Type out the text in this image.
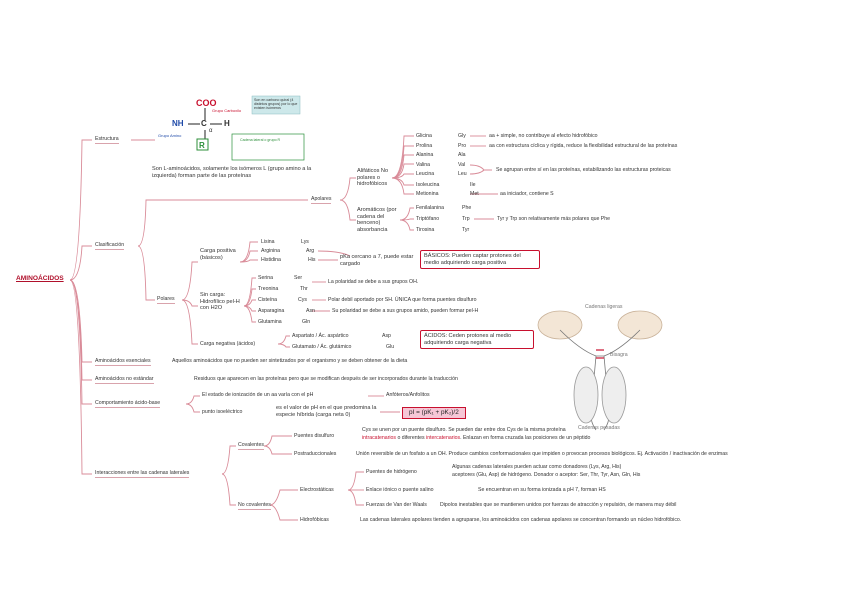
AMINOÁCIDOS
Estructura
COO
Grupo Carboxilo
NH
Grupo Amino
C
α
H
R
Son en carbono quiral (4 distintos grupos) por lo que existen isómeros
Cadena lateral o grupo R
Son L-aminoácidos, solamente los isómeros L (grupo amino a la izquierda) forman parte de las proteínas
Clasificación
Apolares
Alifáticos No polares o hidrofóbicos
Glicina	Gly
Prolina	Pro
Alanina	Ala
Valina	Val
Leucina	Leu
Isoleucina	Ile
Metionina	Met
aa + simple, no contribuye al efecto hidrofóbico
aa con estructura cíclica y rígida, reduce la flexibilidad estructural de las proteínas
Se agrupan entre sí en las proteínas, estabilizando las estructuras proteicas
aa iniciador, contiene S
Aromáticos (por cadena del benceno) absorbancia
Fenilalanina	Phe
Triptófano	Trp
Tirosina	Tyr
Tyr y Trp son relativamente más polares que Phe
Polares
Carga positiva (básicos)
Lisina	Lys
Arginina	Arg
Histidina	His	pKa cercano a 7, puede estar cargado
BÁSICOS: Pueden captar protones del medio adquiriendo carga positiva
Sin carga: Hidrofílico pel-H con H2O
Serina	Ser
Treonina	Thr
Cisteína	Cys
Asparagina	Asn
Glutamina	Gln
La polaridad se debe a sus grupos OH.
Polar debil aportado por SH. ÚNICA que forma puentes disulfuro
Su polaridad se debe a sus grupos amido, pueden formar pel-H
Carga negativa (ácidos)
Aspartato / Ác. aspártico	Asp
Glutamato / Ác. glutámico	Glu
ÁCIDOS: Ceden protones al medio adquiriendo carga negativa
Cadenas ligeras
Bisagra
Cadenas pesadas
Aminoácidos esenciales	Aquellos aminoácidos que no pueden ser sintetizados por el organismo y se deben obtener de la dieta
Aminoácidos no estándar	Residuos que aparecen en las proteínas pero que se modifican después de ser incorporados durante la traducción
Comportamiento ácido-base
El estado de ionización de un aa varía con el pH	Anfóteros/Anfolitos
punto isoeléctrico
es el valor de pH en el que predomina la especie híbrida (carga neta 0)	pI = (pK₁ + pK₂)/2
Interacciones entre las cadenas laterales
Covalentes
Puentes disulfuro
Cys se unen por un puente disulfuro. Se pueden dar entre dos Cys de la misma proteína
intracatenarios o diferentes intercatenarios. Enlazan en forma cruzada las posiciones de un péptido
Postraduccionales	Unión reversible de un fosfato a un OH. Produce cambios conformacionales que impiden o provocan procesos biológicos. Ej. Activación / inactivación de enzimas
No covalentes
Electrostáticas
Puentes de hidrógeno
Algunas cadenas laterales pueden actuar como donadores (Lys, Arg, His)
aceptores (Glu, Asp) de hidrógeno. Donador o aceptor: Ser, Thr, Tyr, Asn, Gln, His
Enlace iónico o puente salino	Se encuentran en su forma ionizada a pH 7, forman HS
Fuerzas de Van der Waals	Dipolos inestables que se mantienen unidos por fuerzas de atracción y repulsión, de manera muy débil
Hidrofóbicas	Las cadenas laterales apolares tienden a agruparse, los aminoácidos con cadenas apolares se concentran formando un núcleo hidrofóbico.
